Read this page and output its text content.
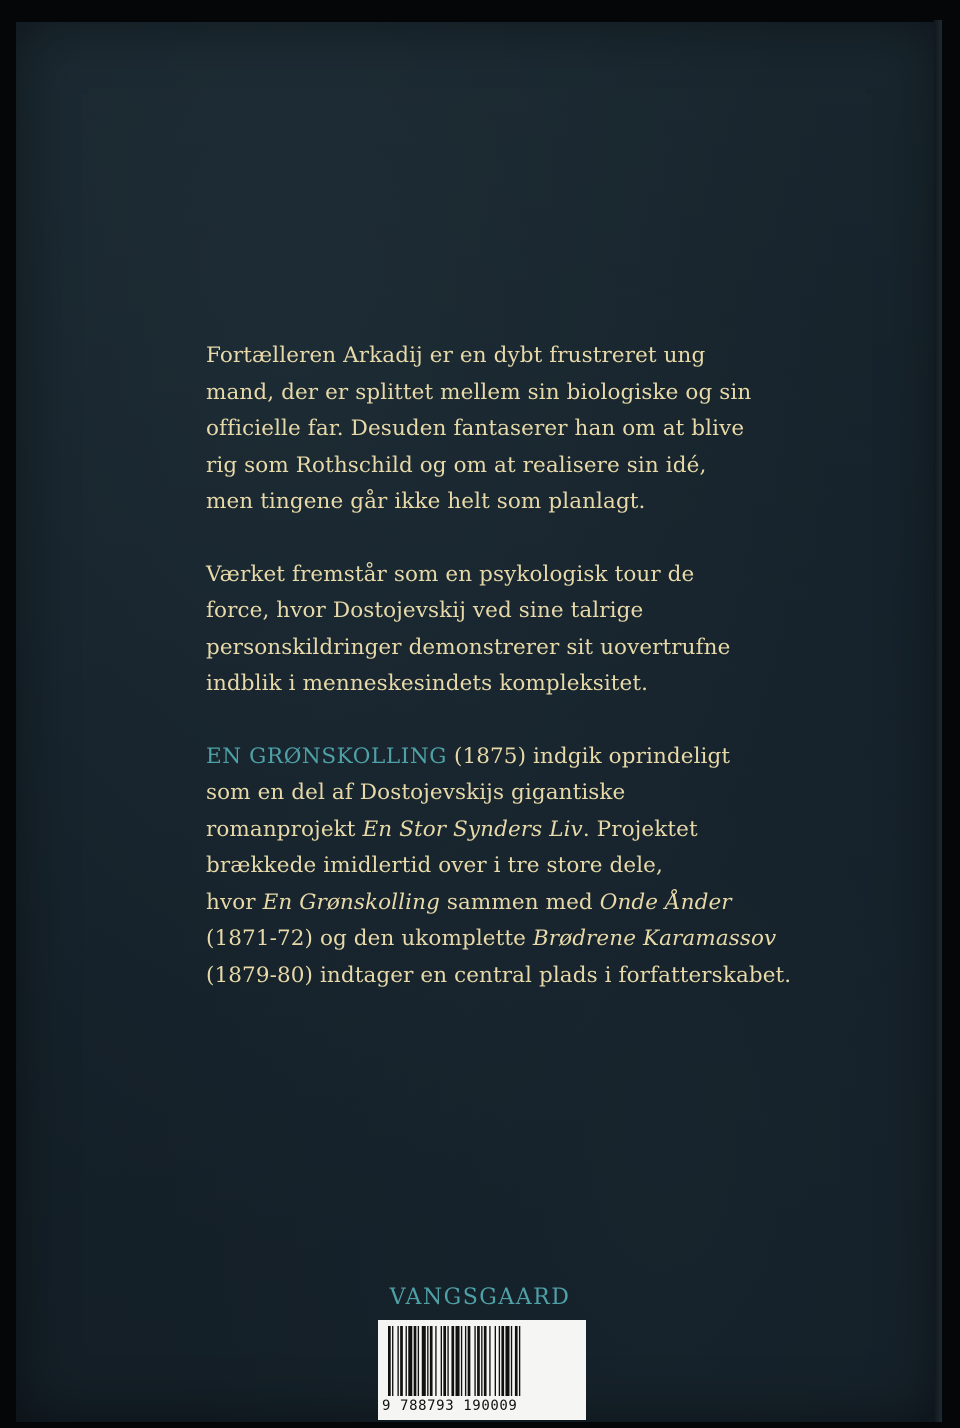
Fortælleren Arkadij er en dybt frustreret ung
mand, der er splittet mellem sin biologiske og sin
officielle far. Desuden fantaserer han om at blive
rig som Rothschild og om at realisere sin idé,
men tingene går ikke helt som planlagt.

Værket fremstår som en psykologisk tour de
force, hvor Dostojevskij ved sine talrige
personskildringer demonstrerer sit uovertrufne
indblik i menneskesindets kompleksitet.

EN GRØNSKOLLING (1875) indgik oprindeligt
som en del af Dostojevskijs gigantiske
romanprojekt En Stor Synders Liv. Projektet
brækkede imidlertid over i tre store dele,
hvor En Grønskolling sammen med Onde Ånder
(1871-72) og den ukomplette Brødrene Karamassov
(1879-80) indtager en central plads i forfatterskabet.

VANGSGAARD
9 788793 190009
